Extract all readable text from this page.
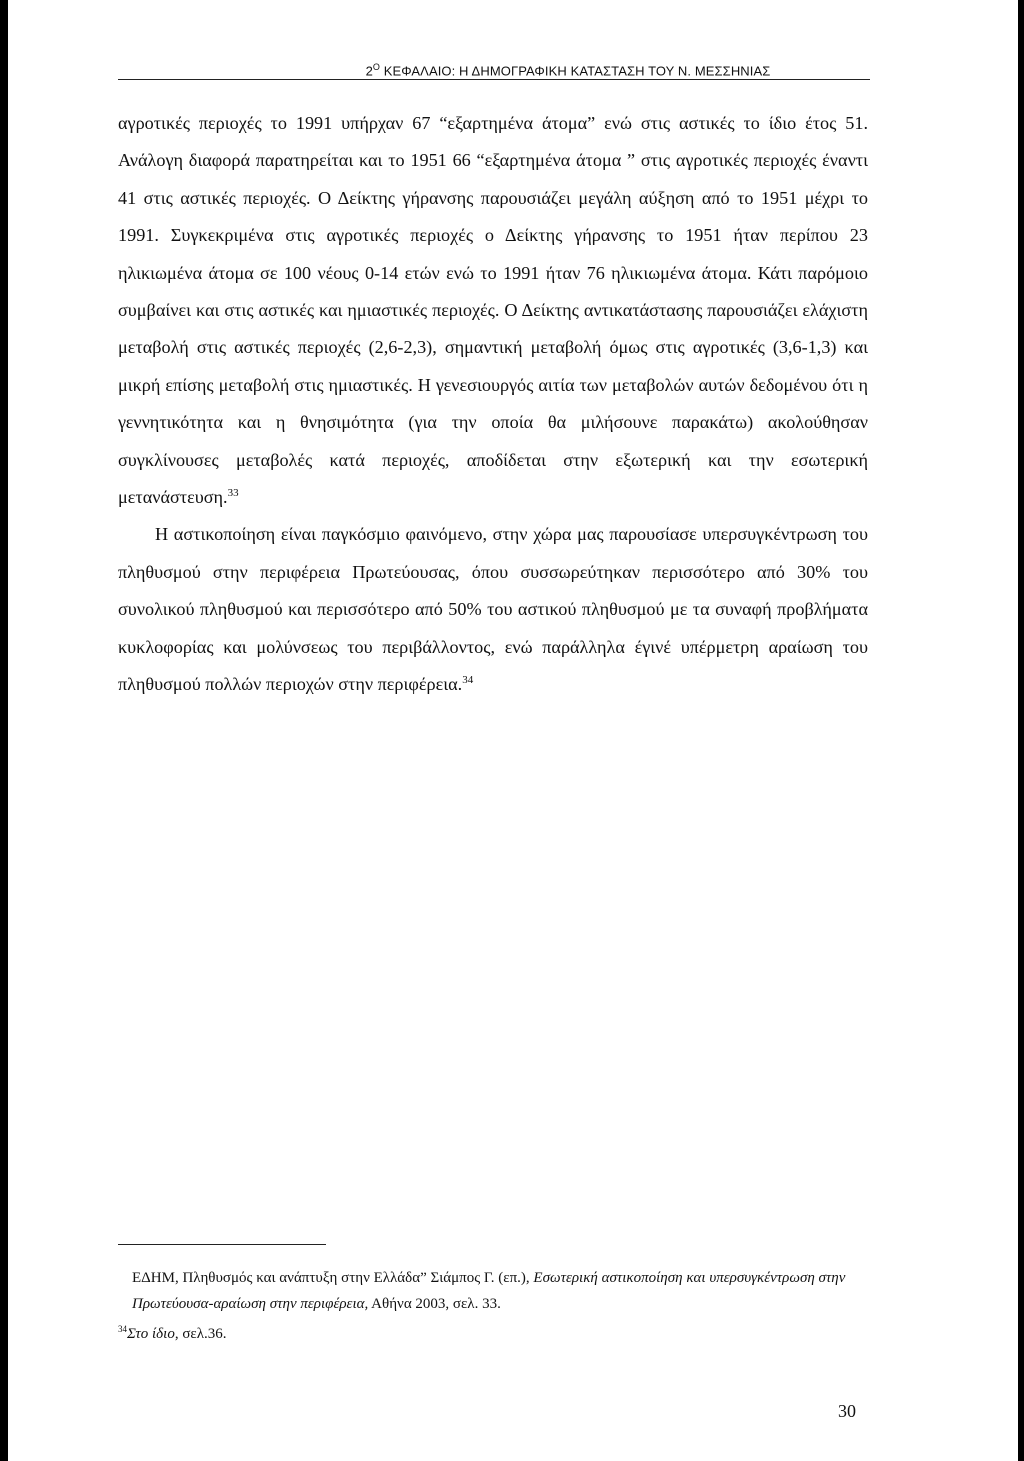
$2^O$ ΚΕΦΑΛΑΙΟ: Η ΔΗΜΟΓΡΑΦΙΚΗ ΚΑΤΑΣΤΑΣΗ ΤΟΥ Ν. ΜΕΣΣΗΝΙΑΣ

αγροτικές περιοχές το 1991 υπήρχαν 67 “εξαρτημένα άτομα” ενώ στις αστικές το ίδιο έτος 51. Ανάλογη διαφορά παρατηρείται και το 1951 66 “εξαρτημένα άτομα ” στις αγροτικές περιοχές έναντι 41 στις αστικές περιοχές. Ο Δείκτης γήρανσης παρουσιάζει μεγάλη αύξηση από το 1951 μέχρι το 1991. Συγκεκριμένα στις αγροτικές περιοχές ο Δείκτης γήρανσης το 1951 ήταν περίπου 23 ηλικιωμένα άτομα σε 100 νέους 0-14 ετών ενώ το 1991 ήταν 76 ηλικιωμένα άτομα. Κάτι παρόμοιο συμβαίνει και στις αστικές και ημιαστικές περιοχές. Ο Δείκτης αντικατάστασης παρουσιάζει ελάχιστη μεταβολή στις αστικές περιοχές (2,6-2,3), σημαντική μεταβολή όμως στις αγροτικές (3,6-1,3) και μικρή επίσης μεταβολή στις ημιαστικές. Η γενεσιουργός αιτία των μεταβολών αυτών δεδομένου ότι η γεννητικότητα και η θνησιμότητα (για την οποία θα μιλήσουνε παρακάτω) ακολούθησαν συγκλίνουσες μεταβολές κατά περιοχές, αποδίδεται στην εξωτερική και την εσωτερική μετανάστευση.$^{33}$

Η αστικοποίηση είναι παγκόσμιο φαινόμενο, στην χώρα μας παρουσίασε υπερσυγκέντρωση του πληθυσμού στην περιφέρεια Πρωτεύουσας, όπου συσσωρεύτηκαν περισσότερο από 30% του συνολικού πληθυσμού και περισσότερο από 50% του αστικού πληθυσμού με τα συναφή προβλήματα κυκλοφορίας και μολύνσεως του περιβάλλοντος, ενώ παράλληλα έγινέ υπέρμετρη αραίωση του πληθυσμού πολλών περιοχών στην περιφέρεια.$^{34}$

ΕΔΗΜ, Πληθυσμός και ανάπτυξη στην Ελλάδα” Σιάμπος Γ. (επ.), Εσωτερική αστικοποίηση και υπερσυγκέντρωση στην Πρωτεύουσα-αραίωση στην περιφέρεια, Αθήνα 2003, σελ. 33.

$^{34}$Στο ίδιο, σελ.36.

30
